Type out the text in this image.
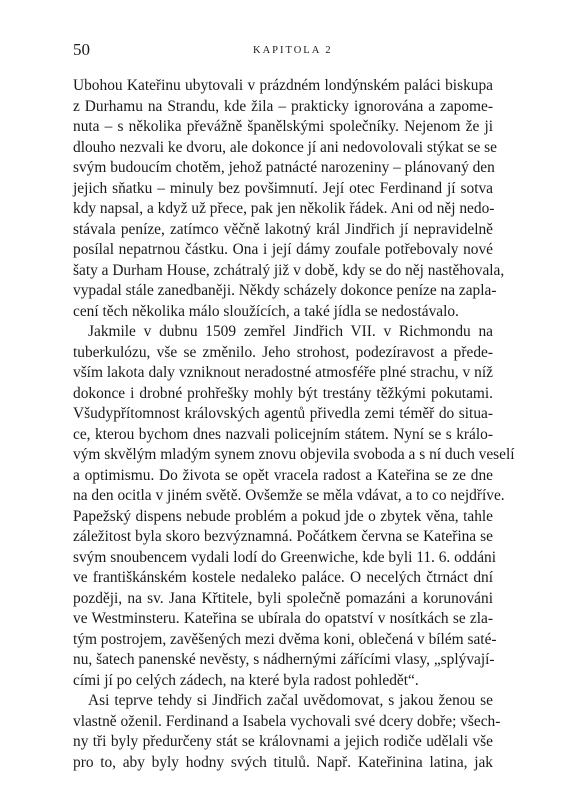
50	KAPITOLA 2
Ubohou Kateřinu ubytovali v prázdném londýnském paláci biskupa
z Durhamu na Strandu, kde žila – prakticky ignorována a zapome-
nuta – s několika převážně španělskými společníky. Nejenom že ji
dlouho nezvali ke dvoru, ale dokonce jí ani nedovolovali stýkat se se
svým budoucím chotěm, jehož patnácté narozeniny – plánovaný den
jejich sňatku – minuly bez povšimnutí. Její otec Ferdinand jí sotva
kdy napsal, a když už přece, pak jen několik řádek. Ani od něj nedo-
stávala peníze, zatímco věčně lakotný král Jindřich jí nepravidelně
posílal nepatrnou částku. Ona i její dámy zoufale potřebovaly nové
šaty a Durham House, zchátralý již v době, kdy se do něj nastěhovala,
vypadal stále zanedbaněji. Někdy scházely dokonce peníze na zapla-
cení těch několika málo sloužících, a také jídla se nedostávalo.
Jakmile v dubnu 1509 zemřel Jindřich VII. v Richmondu na
tuberkulózu, vše se změnilo. Jeho strohost, podezíravost a přede-
vším lakota daly vzniknout neradostné atmosféře plné strachu, v níž
dokonce i drobné prohřešky mohly být trestány těžkými pokutami.
Všudypřítomnost královských agentů přivedla zemi téměř do situa-
ce, kterou bychom dnes nazvali policejním státem. Nyní se s králo-
vým skvělým mladým synem znovu objevila svoboda a s ní duch veselí
a optimismu. Do života se opět vracela radost a Kateřina se ze dne
na den ocitla v jiném světě. Ovšemže se měla vdávat, a to co nejdříve.
Papežský dispens nebude problém a pokud jde o zbytek věna, tahle
záležitost byla skoro bezvýznamná. Počátkem června se Kateřina se
svým snoubencem vydali lodí do Greenwiche, kde byli 11. 6. oddáni
ve františkánském kostele nedaleko paláce. O necelých čtrnáct dní
později, na sv. Jana Křtitele, byli společně pomazáni a korunováni
ve Westminsteru. Kateřina se ubírala do opatství v nosítkách se zla-
tým postrojem, zavěšených mezi dvěma koni, oblečená v bílém saté-
nu, šatech panenské nevěsty, s nádhernými zářícími vlasy, „splývají-
cími jí po celých zádech, na které byla radost pohledět“.
Asi teprve tehdy si Jindřich začal uvědomovat, s jakou ženou se
vlastně oženil. Ferdinand a Isabela vychovali své dcery dobře; všech-
ny tři byly předurčeny stát se královnami a jejich rodiče udělali vše
pro to, aby byly hodny svých titulů. Např. Kateřinina latina, jak
